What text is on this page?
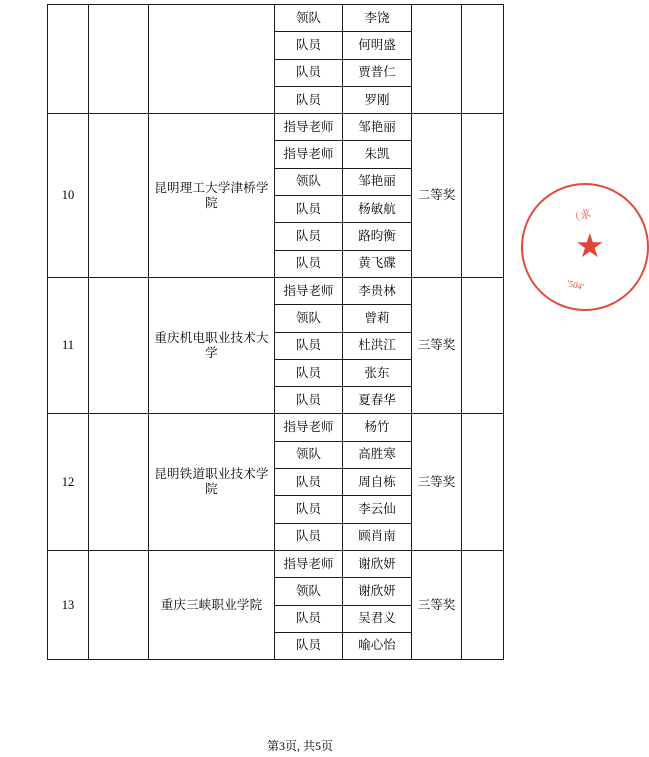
			领队	李饶		
			队员	何明盛		
			队员	贾普仁		
			队员	罗刚		
10		昆明理工大学津桥学院	指导老师	邹艳丽	二等奖	
			指导老师	朱凯		
			领队	邹艳丽		
			队员	杨敏航		
			队员	路昀衡		
			队员	黄飞碟		
11		重庆机电职业技术大学	指导老师	李贵林	三等奖	
			领队	曾莉		
			队员	杜洪江		
			队员	张东		
			队员	夏春华		
12		昆明铁道职业技术学院	指导老师	杨竹	三等奖	
			领队	高胜寒		
			队员	周自栋		
			队员	李云仙		
			队员	顾肖南		
13		重庆三峡职业学院	指导老师	谢欣妍	三等奖	
			领队	谢欣妍		
			队员	吴君义		
			队员	喻心怡		
（求
★
'504'
第3页, 共5页
